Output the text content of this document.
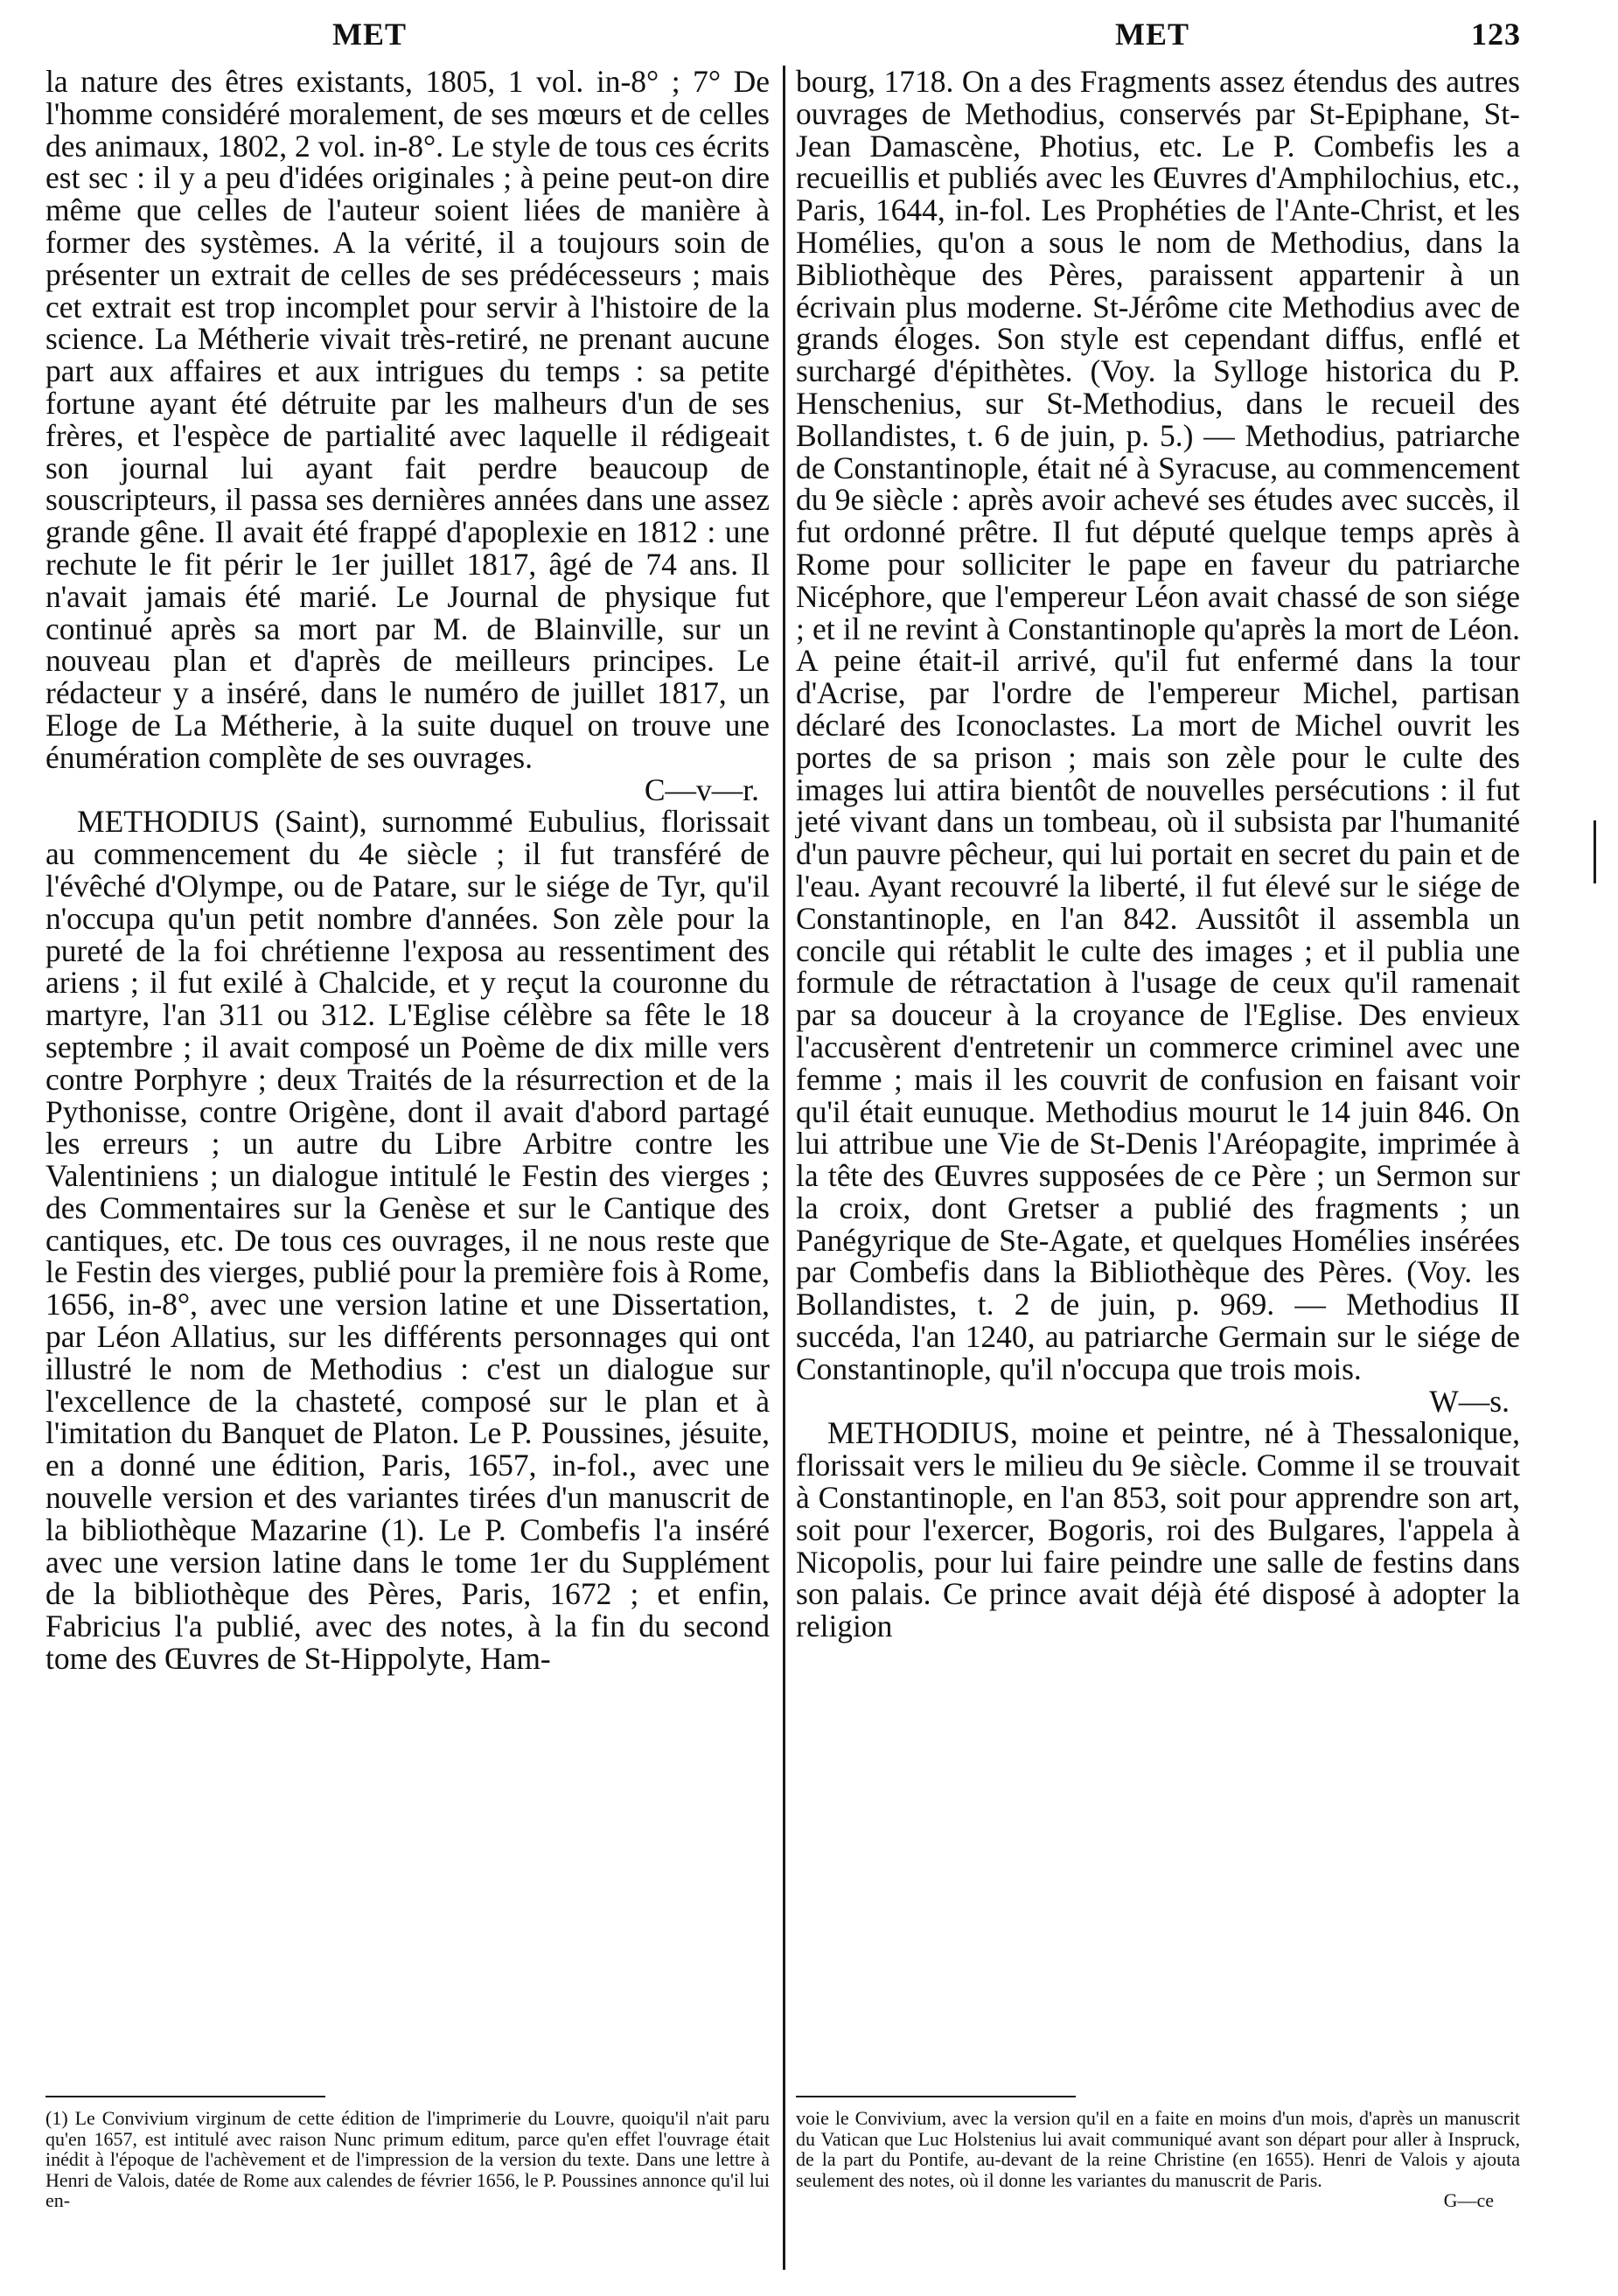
MET	MET	123

la nature des êtres existants, 1805, 1 vol. in-8° ; 7° De l'homme considéré moralement, de ses mœurs et de celles des animaux, 1802, 2 vol. in-8°. Le style de tous ces écrits est sec : il y a peu d'idées originales ; à peine peut-on dire même que celles de l'auteur soient liées de manière à former des systèmes. A la vérité, il a toujours soin de présenter un extrait de celles de ses prédécesseurs ; mais cet extrait est trop incomplet pour servir à l'histoire de la science. La Métherie vivait très-retiré, ne prenant aucune part aux affaires et aux intrigues du temps : sa petite fortune ayant été détruite par les malheurs d'un de ses frères, et l'espèce de partialité avec laquelle il rédigeait son journal lui ayant fait perdre beaucoup de souscripteurs, il passa ses dernières années dans une assez grande gêne. Il avait été frappé d'apoplexie en 1812 : une rechute le fit périr le 1er juillet 1817, âgé de 74 ans. Il n'avait jamais été marié. Le Journal de physique fut continué après sa mort par M. de Blainville, sur un nouveau plan et d'après de meilleurs principes. Le rédacteur y a inséré, dans le numéro de juillet 1817, un Eloge de La Métherie, à la suite duquel on trouve une énumération complète de ses ouvrages.

C—v—r.

METHODIUS (Saint), surnommé Eubulius, florissait au commencement du 4e siècle ; il fut transféré de l'évêché d'Olympe, ou de Patare, sur le siége de Tyr, qu'il n'occupa qu'un petit nombre d'années. Son zèle pour la pureté de la foi chrétienne l'exposa au ressentiment des ariens ; il fut exilé à Chalcide, et y reçut la couronne du martyre, l'an 311 ou 312. L'Eglise célèbre sa fête le 18 septembre ; il avait composé un Poème de dix mille vers contre Porphyre ; deux Traités de la résurrection et de la Pythonisse, contre Origène, dont il avait d'abord partagé les erreurs ; un autre du Libre Arbitre contre les Valentiniens ; un dialogue intitulé le Festin des vierges ; des Commentaires sur la Genèse et sur le Cantique des cantiques, etc. De tous ces ouvrages, il ne nous reste que le Festin des vierges, publié pour la première fois à Rome, 1656, in-8°, avec une version latine et une Dissertation, par Léon Allatius, sur les différents personnages qui ont illustré le nom de Methodius : c'est un dialogue sur l'excellence de la chasteté, composé sur le plan et à l'imitation du Banquet de Platon. Le P. Poussines, jésuite, en a donné une édition, Paris, 1657, in-fol., avec une nouvelle version et des variantes tirées d'un manuscrit de la bibliothèque Mazarine (1). Le P. Combefis l'a inséré avec une version latine dans le tome 1er du Supplément de la bibliothèque des Pères, Paris, 1672 ; et enfin, Fabricius l'a publié, avec des notes, à la fin du second tome des Œuvres de St-Hippolyte, Ham-

bourg, 1718. On a des Fragments assez étendus des autres ouvrages de Methodius, conservés par St-Epiphane, St-Jean Damascène, Photius, etc. Le P. Combefis les a recueillis et publiés avec les Œuvres d'Amphilochius, etc., Paris, 1644, in-fol. Les Prophéties de l'Ante-Christ, et les Homélies, qu'on a sous le nom de Methodius, dans la Bibliothèque des Pères, paraissent appartenir à un écrivain plus moderne. St-Jérôme cite Methodius avec de grands éloges. Son style est cependant diffus, enflé et surchargé d'épithètes. (Voy. la Sylloge historica du P. Henschenius, sur St-Methodius, dans le recueil des Bollandistes, t. 6 de juin, p. 5.) — Methodius, patriarche de Constantinople, était né à Syracuse, au commencement du 9e siècle : après avoir achevé ses études avec succès, il fut ordonné prêtre. Il fut député quelque temps après à Rome pour solliciter le pape en faveur du patriarche Nicéphore, que l'empereur Léon avait chassé de son siége ; et il ne revint à Constantinople qu'après la mort de Léon. A peine était-il arrivé, qu'il fut enfermé dans la tour d'Acrise, par l'ordre de l'empereur Michel, partisan déclaré des Iconoclastes. La mort de Michel ouvrit les portes de sa prison ; mais son zèle pour le culte des images lui attira bientôt de nouvelles persécutions : il fut jeté vivant dans un tombeau, où il subsista par l'humanité d'un pauvre pêcheur, qui lui portait en secret du pain et de l'eau. Ayant recouvré la liberté, il fut élevé sur le siége de Constantinople, en l'an 842. Aussitôt il assembla un concile qui rétablit le culte des images ; et il publia une formule de rétractation à l'usage de ceux qu'il ramenait par sa douceur à la croyance de l'Eglise. Des envieux l'accusèrent d'entretenir un commerce criminel avec une femme ; mais il les couvrit de confusion en faisant voir qu'il était eunuque. Methodius mourut le 14 juin 846. On lui attribue une Vie de St-Denis l'Aréopagite, imprimée à la tête des Œuvres supposées de ce Père ; un Sermon sur la croix, dont Gretser a publié des fragments ; un Panégyrique de Ste-Agate, et quelques Homélies insérées par Combefis dans la Bibliothèque des Pères. (Voy. les Bollandistes, t. 2 de juin, p. 969. — Methodius II succéda, l'an 1240, au patriarche Germain sur le siége de Constantinople, qu'il n'occupa que trois mois.

W—s.

METHODIUS, moine et peintre, né à Thessalonique, florissait vers le milieu du 9e siècle. Comme il se trouvait à Constantinople, en l'an 853, soit pour apprendre son art, soit pour l'exercer, Bogoris, roi des Bulgares, l'appela à Nicopolis, pour lui faire peindre une salle de festins dans son palais. Ce prince avait déjà été disposé à adopter la religion

(1) Le Convivium virginum de cette édition de l'imprimerie du Louvre, quoiqu'il n'ait paru qu'en 1657, est intitulé avec raison Nunc primum editum, parce qu'en effet l'ouvrage était inédit à l'époque de l'achèvement et de l'impression de la version du texte. Dans une lettre à Henri de Valois, datée de Rome aux calendes de février 1656, le P. Poussines annonce qu'il lui en-
voie le Convivium, avec la version qu'il en a faite en moins d'un mois, d'après un manuscrit du Vatican que Luc Holstenius lui avait communiqué avant son départ pour aller à Inspruck, de la part du Pontife, au-devant de la reine Christine (en 1655). Henri de Valois y ajouta seulement des notes, où il donne les variantes du manuscrit de Paris.
G—ce
